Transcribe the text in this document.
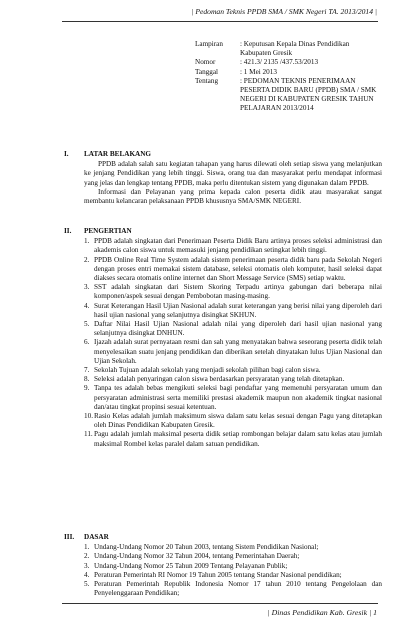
| Pedoman Teknis PPDB SMA / SMK Negeri TA. 2013/2014 |
Lampiran	: Keputusan Kepala Dinas Pendidikan Kabupaten Gresik
Nomor	: 421.3/ 2135 /437.53/2013
Tanggal	: 1 Mei 2013
Tentang	: PEDOMAN TEKNIS PENERIMAAN PESERTA DIDIK BARU (PPDB) SMA / SMK NEGERI DI KABUPATEN GRESIK TAHUN PELAJARAN 2013/2014
I.	LATAR BELAKANG

PPDB adalah salah satu kegiatan tahapan yang harus dilewati oleh setiap siswa yang melanjutkan ke jenjang Pendidikan yang lebih tinggi. Siswa, orang tua dan masyarakat perlu mendapat informasi yang jelas dan lengkap tentang PPDB, maka perlu ditentukan sistem yang digunakan dalam PPDB.

Informasi dan Pelayanan yang prima kepada calon peserta didik atau masyarakat sangat membantu kelancaran pelaksanaan PPDB khususnya SMA/SMK NEGERI.

II.	PENGERTIAN
1. PPDB adalah singkatan dari Penerimaan Peserta Didik Baru artinya proses seleksi administrasi dan akademis calon siswa untuk memasuki jenjang pendidikan setingkat lebih tinggi.
2. PPDB Online Real Time System adalah sistem penerimaan peserta didik baru pada Sekolah Negeri dengan proses entri memakai sistem database, seleksi otomatis oleh komputer, hasil seleksi dapat diakses secara otomatis online internet dan Short Message Service (SMS) setiap waktu.
3. SST adalah singkatan dari Sistem Skoring Terpadu artinya gabungan dari beberapa nilai komponen/aspek sesuai dengan Pembobotan masing-masing.
4. Surat Keterangan Hasil Ujian Nasional adalah surat keterangan yang berisi nilai yang diperoleh dari hasil ujian nasional yang selanjutnya disingkat SKHUN.
5. Daftar Nilai Hasil Ujian Nasional adalah nilai yang diperoleh dari hasil ujian nasional yang selanjutnya disingkat DNHUN.
6. Ijazah adalah surat pernyataan resmi dan sah yang menyatakan bahwa seseorang peserta didik telah menyelesaikan suatu jenjang pendidikan dan diberikan setelah dinyatakan lulus Ujian Nasional dan Ujian Sekolah.
7. Sekolah Tujuan adalah sekolah yang menjadi sekolah pilihan bagi calon siswa.
8. Seleksi adalah penyaringan calon siswa berdasarkan persyaratan yang telah ditetapkan.
9. Tanpa tes adalah bebas mengikuti seleksi bagi pendaftar yang memenuhi persyaratan umum dan persyaratan administrasi serta memiliki prestasi akademik maupun non akademik tingkat nasional dan/atau tingkat propinsi sesuai ketentuan.
10. Rasio Kelas adalah jumlah maksimum siswa dalam satu kelas sesuai dengan Pagu yang ditetapkan oleh Dinas Pendidikan Kabupaten Gresik.
11. Pagu adalah jumlah maksimal peserta didik setiap rombongan belajar dalam satu kelas atau jumlah maksimal Rombel kelas paralel dalam satuan pendidikan.
III.	DASAR
1. Undang-Undang Nomor 20 Tahun 2003, tentang Sistem Pendidikan Nasional;
2. Undang-Undang Nomor 32 Tahun 2004, tentang Pemerintahan Daerah;
3. Undang-Undang Nomor 25 Tahun 2009 Tentang Pelayanan Publik;
4. Peraturan Pemerintah RI Nomor 19 Tahun 2005 tentang Standar Nasional pendidikan;
5. Peraturan Pemerintah Republik Indonesia Nomor 17 tahun 2010 tentang Pengelolaan dan Penyelenggaraan Pendidikan;
| Dinas Pendidikan Kab. Gresik | 1
